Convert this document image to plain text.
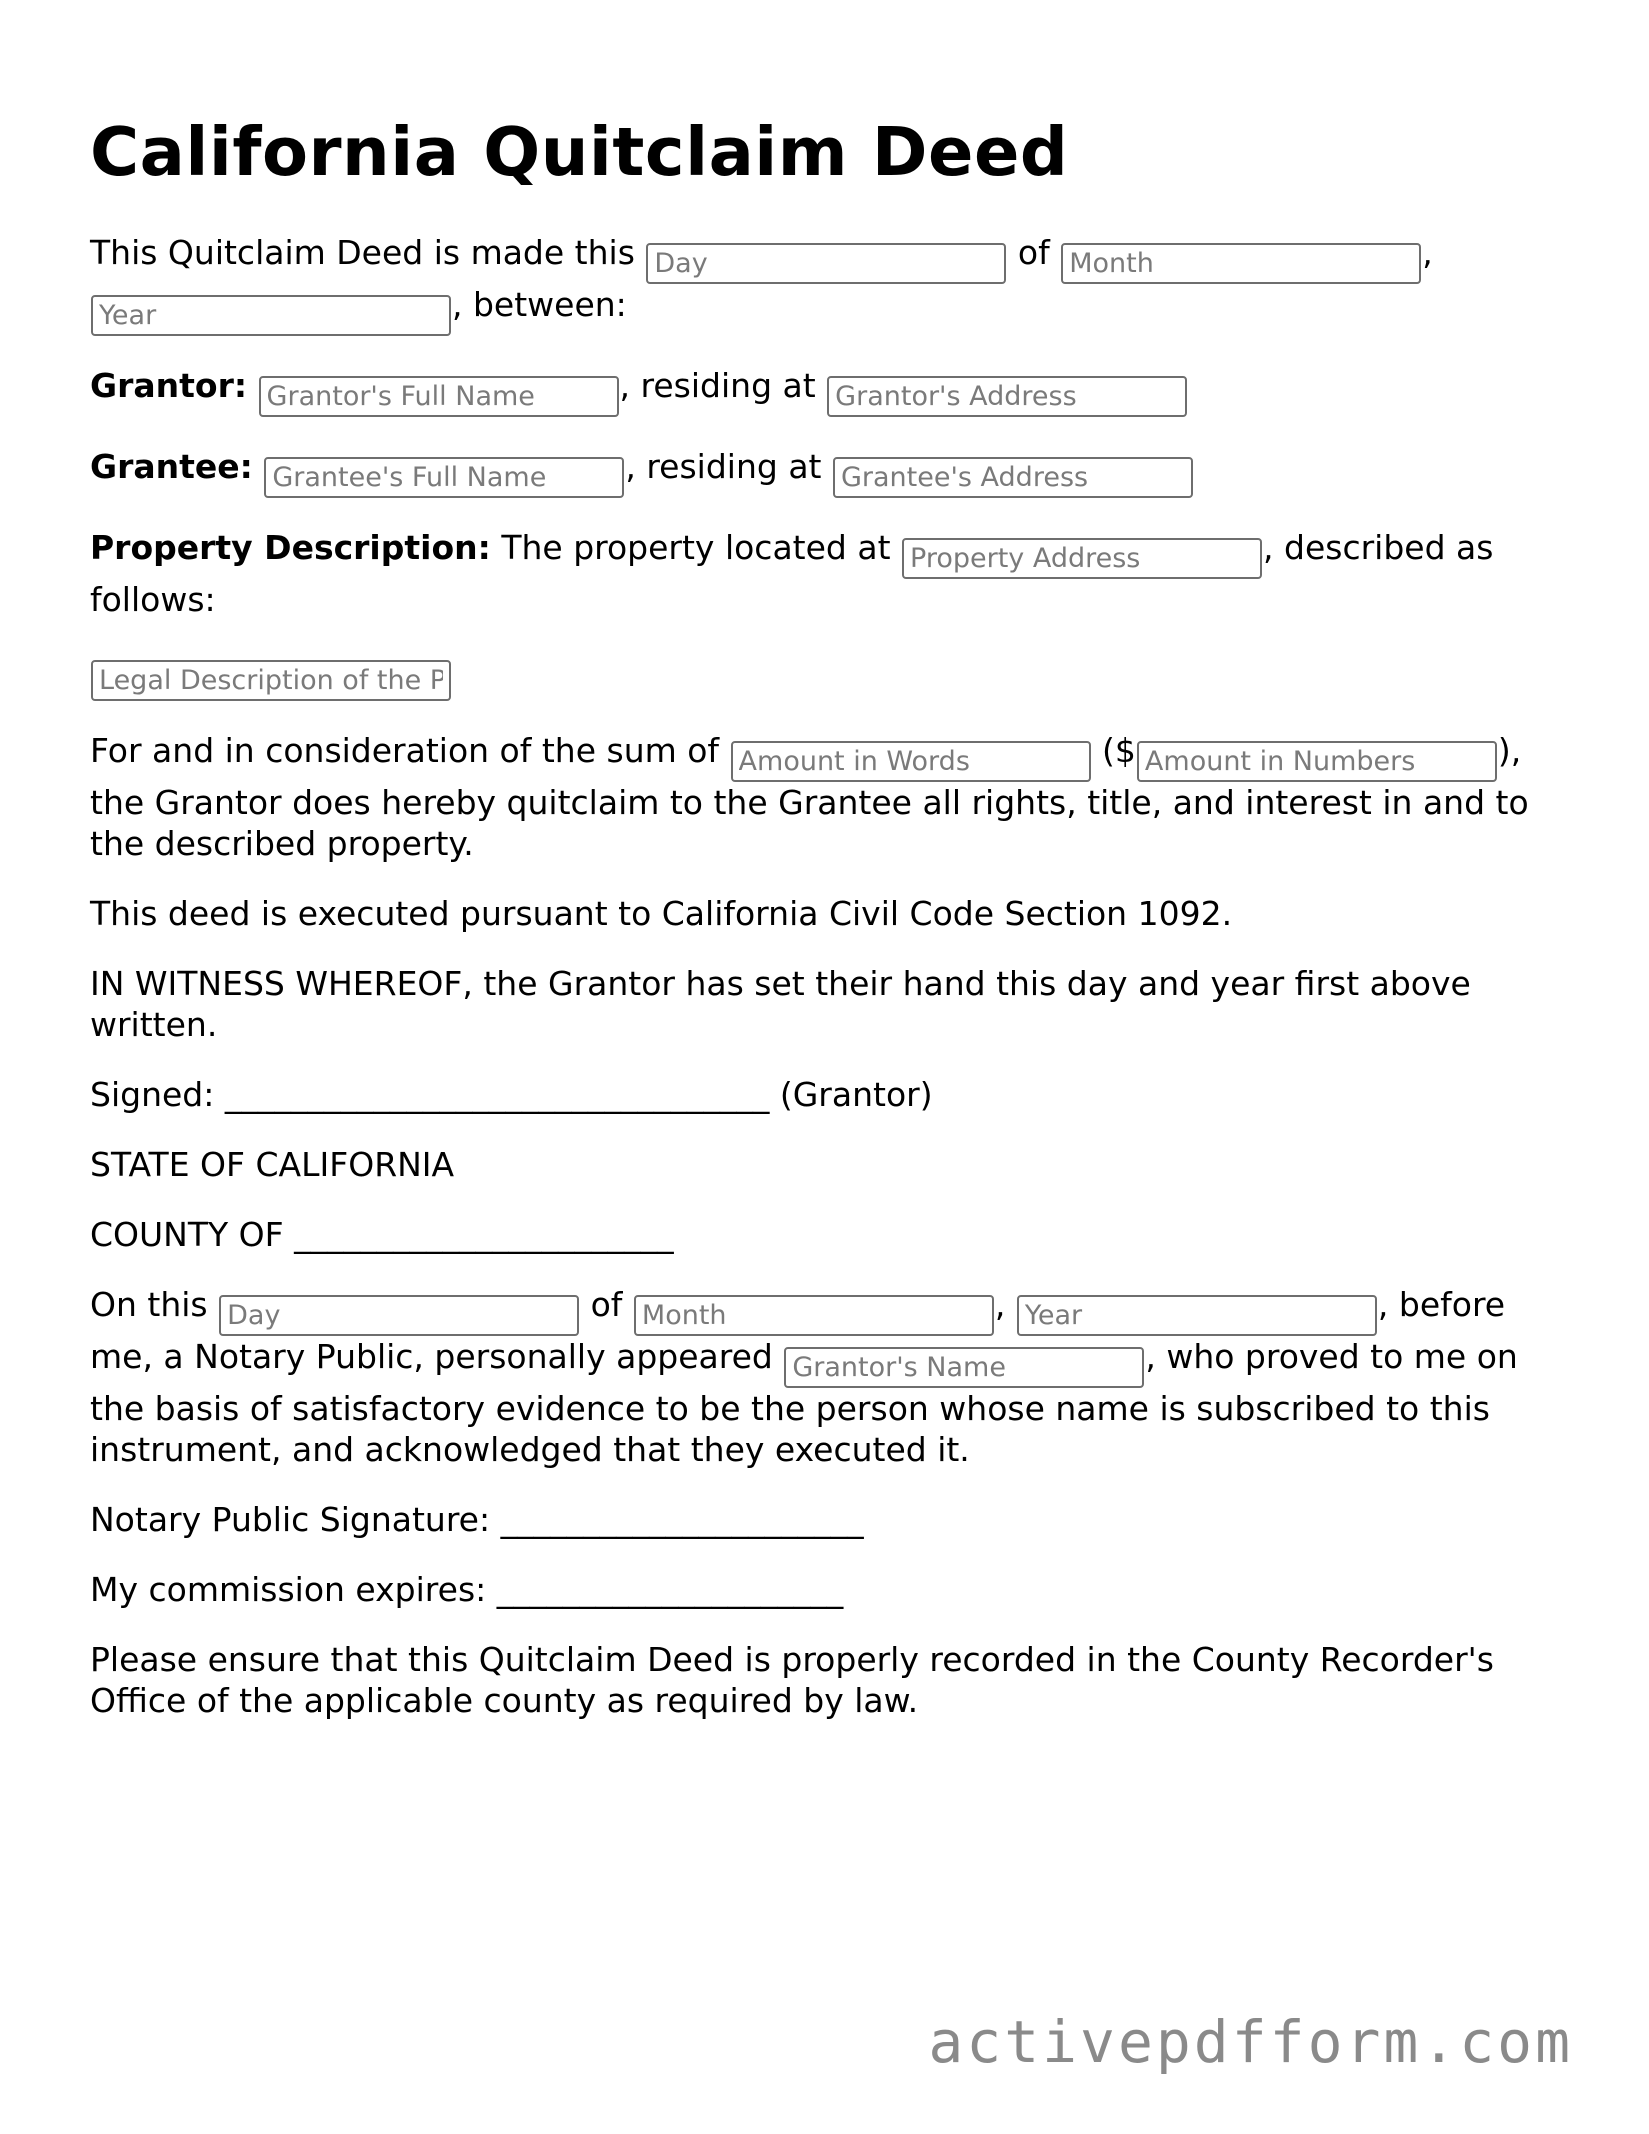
California Quitclaim Deed

This Quitclaim Deed is made this Day	of Month	, Year, between:

Grantor: Grantor's Full Name	, residing at Grantor's Address

Grantee: Grantee's Full Name	, residing at Grantee's Address

Property Description: The property located at Property Address	, described as follows:

Legal Description of the Property

For and in consideration of the sum of Amount in Words	($Amount in Numbers	), the Grantor does hereby quitclaim to the Grantee all rights, title, and interest in and to the described property.

This deed is executed pursuant to California Civil Code Section 1092.

IN WITNESS WHEREOF, the Grantor has set their hand this day and year first above written.

Signed: _________________________________ (Grantor)

STATE OF CALIFORNIA

COUNTY OF _______________________

On this Day	of Month	, Year	, before me, a Notary Public, personally appeared Grantor's Name	, who proved to me on the basis of satisfactory evidence to be the person whose name is subscribed to this instrument, and acknowledged that they executed it.

Notary Public Signature: ______________________

My commission expires: _____________________

Please ensure that this Quitclaim Deed is properly recorded in the County Recorder's Office of the applicable county as required by law.

activepdfform.com
